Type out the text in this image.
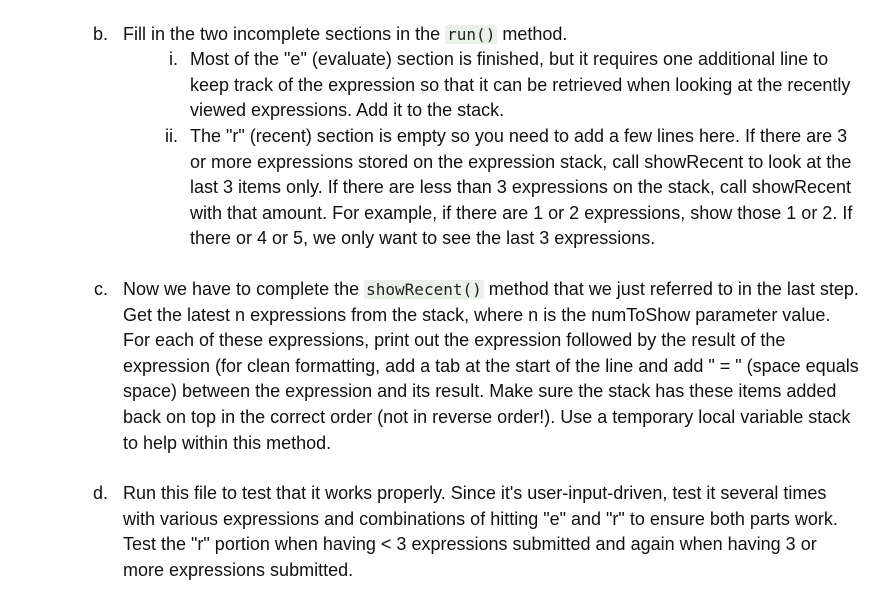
b. Fill in the two incomplete sections in the run() method.
i. Most of the "e" (evaluate) section is finished, but it requires one additional line to keep track of the expression so that it can be retrieved when looking at the recently viewed expressions. Add it to the stack.
ii. The "r" (recent) section is empty so you need to add a few lines here. If there are 3 or more expressions stored on the expression stack, call showRecent to look at the last 3 items only. If there are less than 3 expressions on the stack, call showRecent with that amount. For example, if there are 1 or 2 expressions, show those 1 or 2. If there or 4 or 5, we only want to see the last 3 expressions.
c. Now we have to complete the showRecent() method that we just referred to in the last step. Get the latest n expressions from the stack, where n is the numToShow parameter value. For each of these expressions, print out the expression followed by the result of the expression (for clean formatting, add a tab at the start of the line and add " = " (space equals space) between the expression and its result. Make sure the stack has these items added back on top in the correct order (not in reverse order!). Use a temporary local variable stack to help within this method.
d. Run this file to test that it works properly. Since it's user-input-driven, test it several times with various expressions and combinations of hitting "e" and "r" to ensure both parts work. Test the "r" portion when having < 3 expressions submitted and again when having 3 or more expressions submitted.
